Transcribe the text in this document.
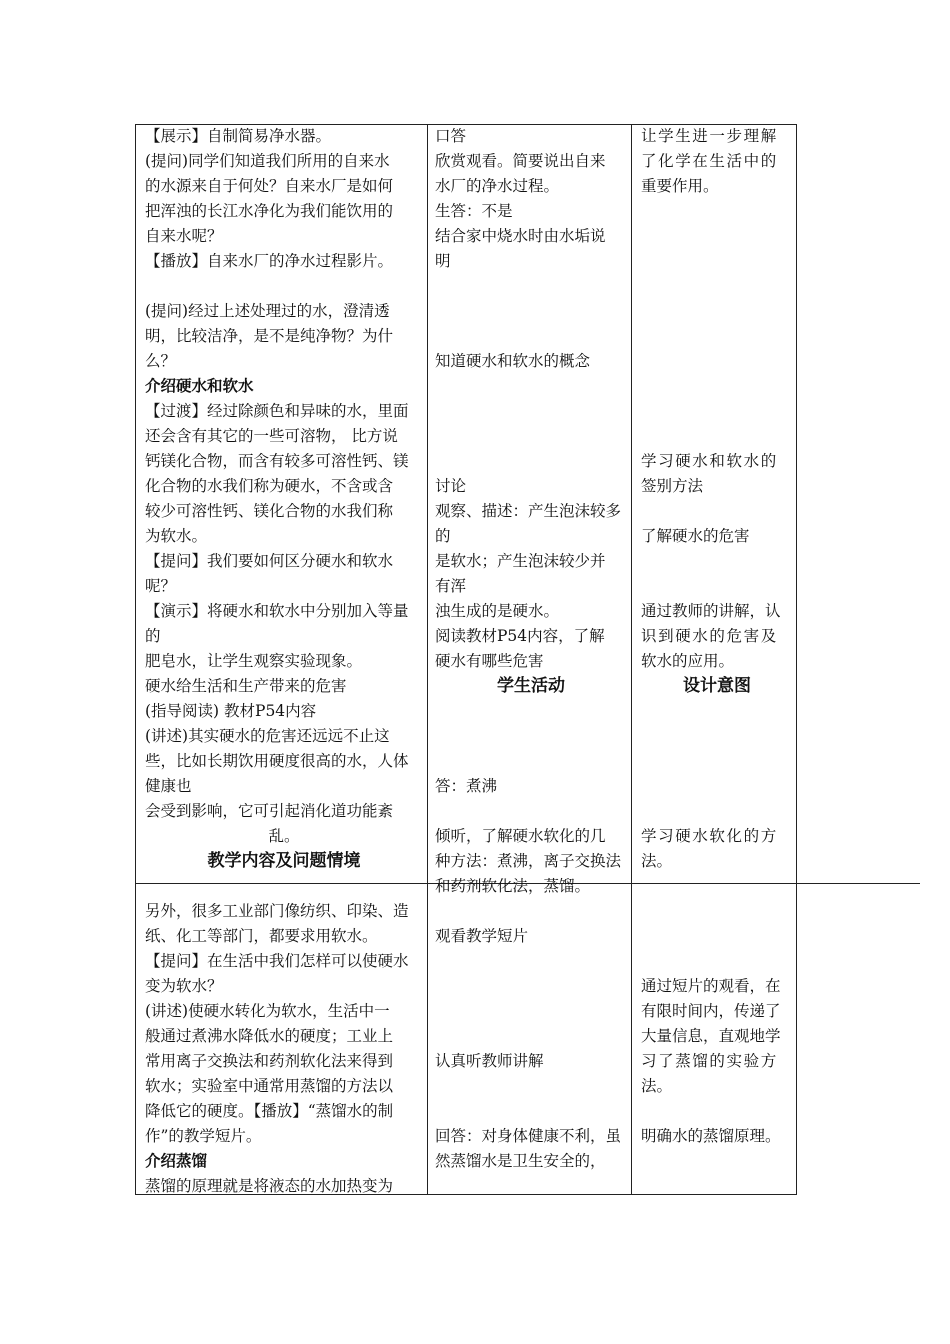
【展示】自制简易净水器。
(提问)同学们知道我们所用的自来水
的水源来自于何处？自来水厂是如何
把浑浊的长江水净化为我们能饮用的
自来水呢？
【播放】自来水厂的净水过程影片。
(提问)经过上述处理过的水，澄清透
明，比较洁净，是不是纯净物？为什
么？
介绍硬水和软水
【过渡】经过除颜色和异味的水，里面
还会含有其它的一些可溶物， 比方说
钙镁化合物，而含有较多可溶性钙、镁
化合物的水我们称为硬水，不含或含
较少可溶性钙、镁化合物的水我们称
为软水。
【提问】我们要如何区分硬水和软水
呢？
【演示】将硬水和软水中分别加入等量
的
肥皂水，让学生观察实验现象。
硬水给生活和生产带来的危害
(指导阅读) 教材P54内容
(讲述)其实硬水的危害还远远不止这
些，比如长期饮用硬度很高的水，人体
健康也
会受到影响，它可引起消化道功能紊
乱。
教学内容及问题情境
另外，很多工业部门像纺织、印染、造
纸、化工等部门，都要求用软水。
【提问】在生活中我们怎样可以使硬水
变为软水？
(讲述)使硬水转化为软水，生活中一
般通过煮沸水降低水的硬度；工业上
常用离子交换法和药剂软化法来得到
软水；实验室中通常用蒸馏的方法以
降低它的硬度。【播放】“蒸馏水的制
作”的教学短片。
介绍蒸馏
蒸馏的原理就是将液态的水加热变为
口答
欣赏观看。简要说出自来
水厂的净水过程。
生答：不是
结合家中烧水时由水垢说
明
知道硬水和软水的概念
讨论
观察、描述：产生泡沫较多
的
是软水；产生泡沫较少并
有浑
浊生成的是硬水。
阅读教材P54内容，了解
硬水有哪些危害
学生活动
答：煮沸
倾听，了解硬水软化的几
种方法：煮沸，离子交换法
和药剂软化法，蒸馏。
观看教学短片
认真听教师讲解
回答：对身体健康不利，虽
然蒸馏水是卫生安全的，
让学生进一步理解
了化学在生活中的
重要作用。
学习硬水和软水的
签别方法
了解硬水的危害
通过教师的讲解，认
识到硬水的危害及
软水的应用。
设计意图
学习硬水软化的方
法。
通过短片的观看，在
有限时间内，传递了
大量信息，直观地学
习了蒸馏的实验方
法。
明确水的蒸馏原理。
